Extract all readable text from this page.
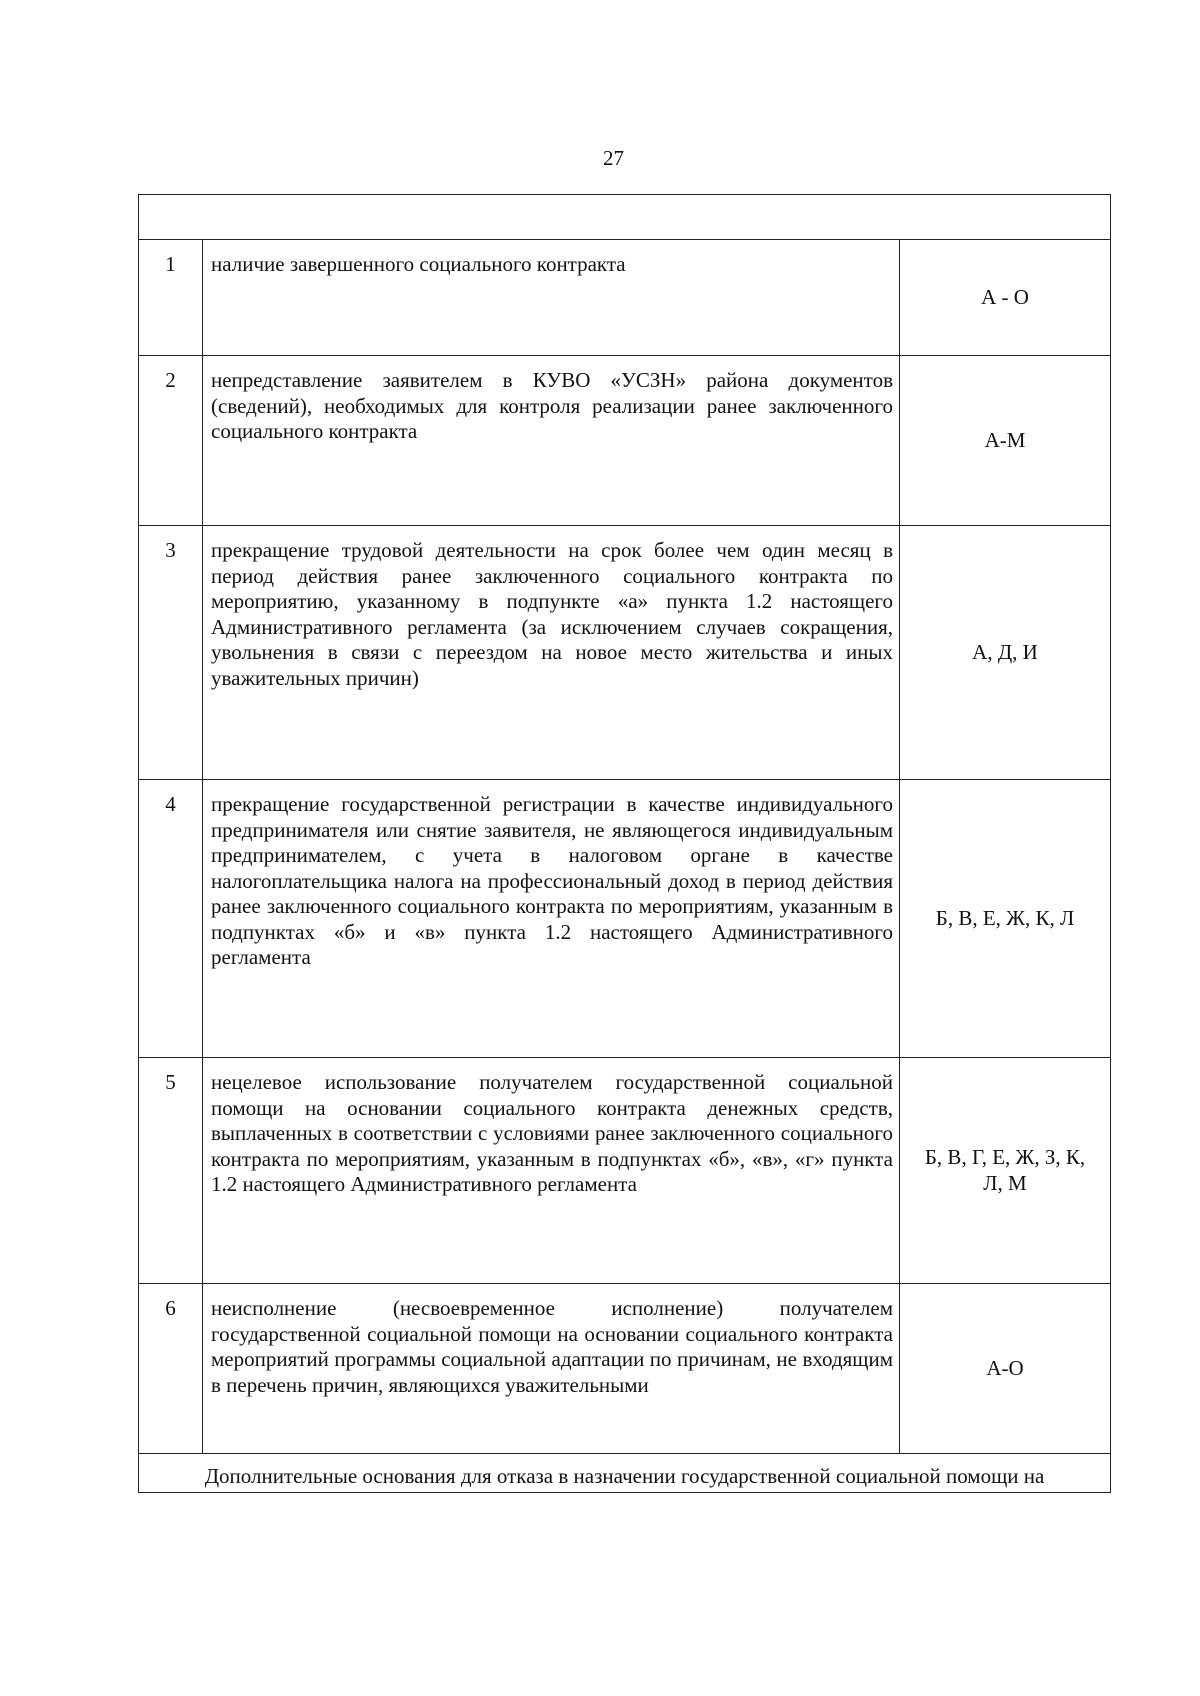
27

1	наличие завершенного социального контракта	А - О
2	непредставление заявителем в КУВО «УСЗН» района документов (сведений), необходимых для контроля реализации ранее заключенного социального контракта	А-М
3	прекращение трудовой деятельности на срок более чем один месяц в период действия ранее заключенного социального контракта по мероприятию, указанному в подпункте «а» пункта 1.2 настоящего Административного регламента (за исключением случаев сокращения, увольнения в связи с переездом на новое место жительства и иных уважительных причин)	А, Д, И
4	прекращение государственной регистрации в качестве индивидуального предпринимателя или снятие заявителя, не являющегося индивидуальным предпринимателем, с учета в налоговом органе в качестве налогоплательщика налога на профессиональный доход в период действия ранее заключенного социального контракта по мероприятиям, указанным в подпунктах «б» и «в» пункта 1.2 настоящего Административного регламента	Б, В, Е, Ж, К, Л
5	нецелевое использование получателем государственной социальной помощи на основании социального контракта денежных средств, выплаченных в соответствии с условиями ранее заключенного социального контракта по мероприятиям, указанным в подпунктах «б», «в», «г» пункта 1.2 настоящего Административного регламента	Б, В, Г, Е, Ж, З, К,
Л, М

6	неисполнение (несвоевременное исполнение) получателем государственной социальной помощи на основании социального контракта мероприятий программы социальной адаптации по причинам, не входящим в перечень причин, являющихся уважительными	А-О
Дополнительные основания для отказа в назначении государственной социальной помощи на		
